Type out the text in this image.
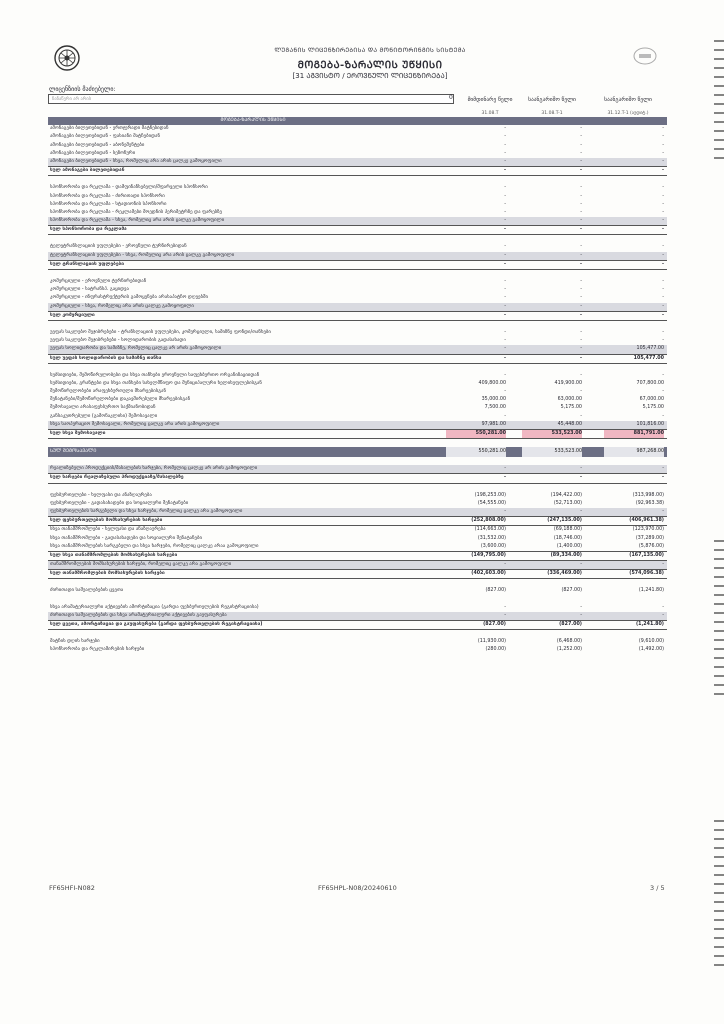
ᲚᲣᲒᲐᲜᲘᲡ ᲚᲘᲪᲔᲜᲖᲘᲠᲔᲑᲘᲡᲐ ᲓᲐ ᲛᲝᲜᲘᲢᲝᲠᲘᲜᲒᲘᲡ ᲡᲘᲡᲢᲔᲛᲐ
ᲛᲝᲒᲔᲑᲐ-ᲖᲐᲠᲐᲚᲘᲡ ᲣᲬᲧᲘᲡᲘ
[31 ᲐᲒᲕᲘᲡᲢᲝ / ᲔᲠᲝᲕᲜᲣᲚᲘ ᲚᲘᲪᲔᲜᲖᲘᲠᲔᲑᲐ]
ლიცენზიის მაძიებელი:
ჩანაწერი არ არის	0	მიმდინარე წელი	საანგარიშო წელი	საანგარიშო წელი
31.08.T	31.08.T-1	31.12.T-1 (აუდიტ.)
ᲛᲝᲒᲔᲑᲐ-ᲖᲐᲠᲐᲚᲘᲡ ᲣᲬᲧᲘᲡᲘ
ამონაგები ბილეთებიდან - ერთჯერადი მატჩებიდან	-	-	-
ამონაგები ბილეთებიდან - ფასიანი მატჩებიდან	-	-	-
ამონაგები ბილეთებიდან - აბონემენტები	-	-	-
ამონაგები ბილეთებიდან - სეზონური	-	-	-
ამონაგები ბილეთებიდან - სხვა, რომელიც არა არის ცალკე გამოყოფილი	-	-	-
სულ ამონაგები ბილეთებიდან	-	-	-
სპონსორობა და რეკლამა - დამფინანსებელი/მფარველი სპონსორი	-	-	-
სპონსორობა და რეკლამა - ძირითადი სპონსორი	-	-	-
სპონსორობა და რეკლამა - სტადიონის სპონსორი	-	-	-
სპონსორობა და რეკლამა - რეკლამები მოედნის პერიმეტრზე და ფარებზე	-	-	-
სპონსორობა და რეკლამა - სხვა, რომელიც არა არის ცალკე გამოყოფილი	-	-	-
სულ სპონსორობა და რეკლამა	-	-	-
ტელეტრანსლაციის უფლებები - ეროვნული ტურნირებიდან	-	-	-
ტელეტრანსლაციის უფლებები - სხვა, რომელიც არა არის ცალკე გამოყოფილი	-	-	-
სულ ტრანსლაციის უფლებები	-	-	-
კომერციული - ეროვნული ტურნირებიდან	-	-	-
კომერციული - სატრანსპ. გაყიდვა	-	-	-
კომერციული - ინფრასტრუქტურის გამოყენება არასაპატჩო დღეებში	-	-	-
კომერციული - სხვა, რომელიც არა არის ცალკე გამოყოფილი	-	-	-
სულ კომერციული	-	-	-
უეფას საკლუბო შეჯიბრებები - ტრანსლაციის უფლებები, კომერციული, სამიზნე ფონდი/თანხები	-	-	-
უეფას საკლუბო შეჯიბრებები - სოლიდარობის გადასახადი	-	-	-
უეფას სოლიდარობა და სამიზნე, რომელიც ცალკე არ არის გამოყოფილი	-	-	105,477.00
სულ უეფას სოლიდარობის და სამიზნე თანხა	-	-	105,477.00
სუბსიდიები, შემოწირულობები და სხვა თანხები ეროვნული საფეხბურთო ორგანიზაციიდან	-	-	-
სუბსიდიები, გრანტები და სხვა თანხები სახელმწიფო და მუნიციპალური ხელისუფლებისგან	409,800.00	419,900.00	707,800.00
შემოწირულობები არაფეხბურთული მხარეებისგან	-	-	-
შენატანები/შემოწირულობები დაკავშირებული მხარეებისგან	35,000.00	63,000.00	67,000.00
შემოსავალი არასაფეხბურთო საქმიანობიდან	7,500.00	5,175.00	5,175.00
განსაკუთრებული (გამონაკლისი) შემოსავალი	-	-	-
სხვა საოპერაციო შემოსავალი, რომელიც ცალკე არა არის გამოყოფილი	97,981.00	45,448.00	101,816.00
სულ სხვა შემოსავალი	550,281.00	533,523.00	881,791.00
ᲡᲣᲚ ᲨᲔᲛᲝᲡᲐᲕᲐᲚᲘ	550,281.00	533,523.00	987,268.00
რეალიზებული პროდუქციის/მასალების ხარჯები, რომელიც ცალკე არ არის გამოყოფილი	-	-	-
სულ ხარჯები რეალიზებული პროდუქციაზე/მასალებზე	-	-	-
ფეხბურთელები - ხელფასი და ანაზღაურება	(198,253.00)	(194,422.00)	(313,998.00)
ფეხბურთელები - გადასახადები და სოციალური შენატანები	(54,555.00)	(52,713.00)	(92,963.38)
ფეხბურთელების სარგებელი და სხვა ხარჯები, რომელიც ცალკე არა გამოყოფილი	-	-	-
სულ ფეხბურთელების მომსახურების ხარჯები	(252,808.00)	(247,135.00)	(406,961.38)
სხვა თანამშრომლები - ხელფასი და ანაზღაურება	(114,663.00)	(69,188.00)	(123,970.00)
სხვა თანამშრომლები - გადასახადები და სოციალური შენატანები	(31,532.00)	(18,746.00)	(37,289.00)
სხვა თანამშრომლების სარგებელი და სხვა ხარჯები, რომელიც ცალკე არაა გამოყოფილი	(3,600.00)	(1,400.00)	(5,876.00)
სულ სხვა თანამშრომლების მომსახურების ხარჯები	(149,795.00)	(89,334.00)	(167,135.00)
თანამშრომლების მომსახურების ხარჯები, რომელიც ცალკე არა გამოყოფილი	-	-	-
სულ თანამშრომლების მომსახურების ხარჯები	(402,603.00)	(336,469.00)	(574,096.38)
ძირითადი საშუალებების ცვეთა	(827.00)	(827.00)	(1,241.80)
სხვა არამატერიალური აქტივების ამორტიზაცია (გარდა ფეხბურთელების რეგისტრაციისა)	-	-	-
ძირითადი საშუალებების და სხვა არამატერიალური აქტივების გაუფასურება	-	-	-
სულ ცვეთა, ამორტიზაცია და გაუფასურება (გარდა ფეხბურთელების რეგისტრაციისა)	(827.00)	(827.00)	(1,241.80)
მატჩის დღის ხარჯები	(11,930.00)	(6,468.00)	(9,610.00)
სპონსორობა და რეკლამირების ხარჯები	(280.00)	(1,252.00)	(1,492.00)
FF65HFI-N082	FF65HPL-N08/20240610	3 / 5
